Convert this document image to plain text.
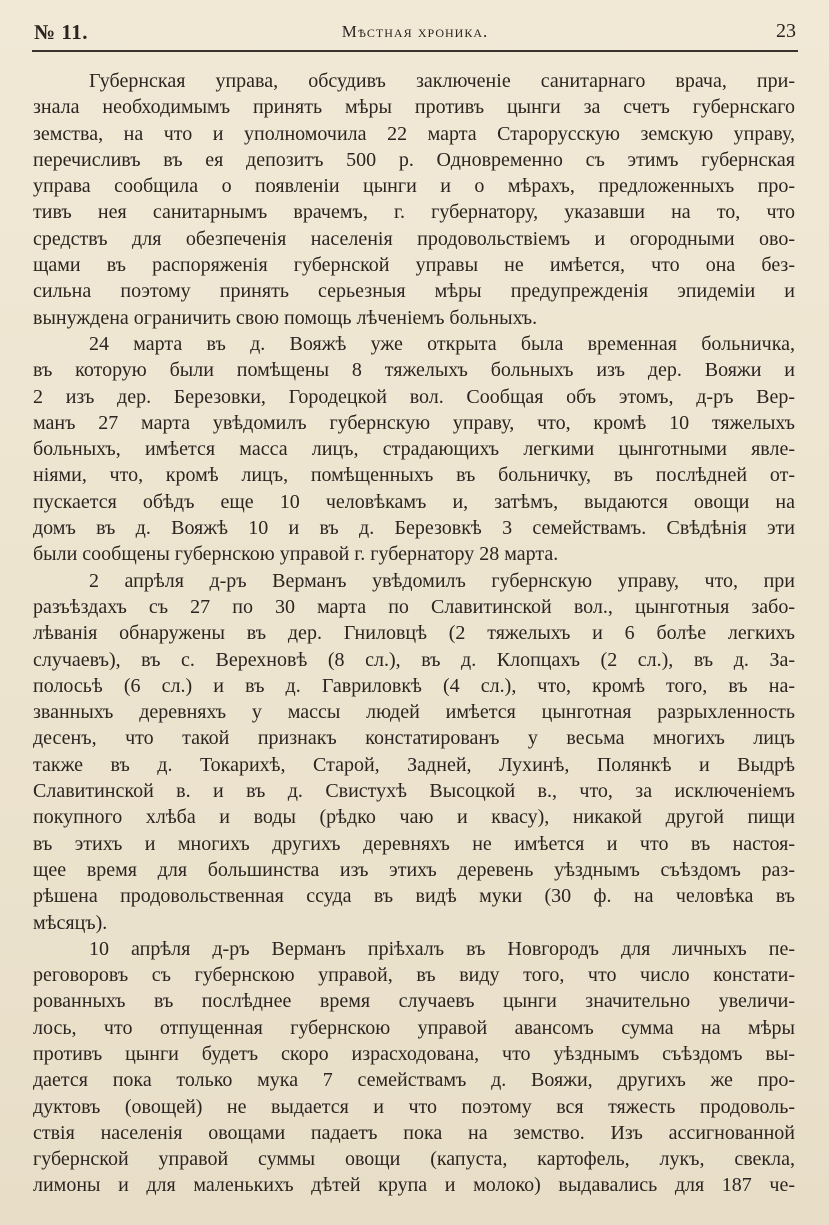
№ 11.	Мѣстная хроника.	23
Губернская управа, обсудивъ заключенiе санитарнаго врача, при-
знала необходимымъ принять мѣры противъ цынги за счетъ губернскаго
земства, на что и уполномочила 22 марта Старорусскую земскую управу,
перечисливъ въ ея депозитъ 500 р. Одновременно съ этимъ губернская
управа сообщила о появленiи цынги и о мѣрахъ, предложенныхъ про-
тивъ нея санитарнымъ врачемъ, г. губернатору, указавши на то, что
средствъ для обезпеченiя населенiя продовольствiемъ и огородными ово-
щами въ распоряженiя губернской управы не имѣется, что она без-
сильна поэтому принять серьезныя мѣры предупрежденiя эпидемiи и
вынуждена ограничить свою помощь лѣченiемъ больныхъ.
24 марта въ д. Вояжѣ уже открыта была временная больничка,
въ которую были помѣщены 8 тяжелыхъ больныхъ изъ дер. Вояжи и
2 изъ дер. Березовки, Городецкой вол. Сообщая объ этомъ, д-ръ Вер-
манъ 27 марта увѣдомилъ губернскую управу, что, кромѣ 10 тяжелыхъ
больныхъ, имѣется масса лицъ, страдающихъ легкими цынготными явле-
нiями, что, кромѣ лицъ, помѣщенныхъ въ больничку, въ послѣдней от-
пускается обѣдъ еще 10 человѣкамъ и, затѣмъ, выдаются овощи на
домъ въ д. Вояжѣ 10 и въ д. Березовкѣ 3 семействамъ. Свѣдѣнiя эти
были сообщены губернскою управой г. губернатору 28 марта.
2 апрѣля д-ръ Верманъ увѣдомилъ губернскую управу, что, при
разъѣздахъ съ 27 по 30 марта по Славитинской вол., цынготныя забо-
лѣванiя обнаружены въ дер. Гниловцѣ (2 тяжелыхъ и 6 болѣе легкихъ
случаевъ), въ с. Верехновѣ (8 сл.), въ д. Клопцахъ (2 сл.), въ д. За-
полосьѣ (6 сл.) и въ д. Гавриловкѣ (4 сл.), что, кромѣ того, въ на-
званныхъ деревняхъ у массы людей имѣется цынготная разрыхленность
десенъ, что такой признакъ констатированъ у весьма многихъ лицъ
также въ д. Токарихѣ, Старой, Задней, Лухинѣ, Полянкѣ и Выдрѣ
Славитинской в. и въ д. Свистухѣ Высоцкой в., что, за исключенiемъ
покупного хлѣба и воды (рѣдко чаю и квасу), никакой другой пищи
въ этихъ и многихъ другихъ деревняхъ не имѣется и что въ настоя-
щее время для большинства изъ этихъ деревень уѣзднымъ съѣздомъ раз-
рѣшена продовольственная ссуда въ видѣ муки (30 ф. на человѣка въ
мѣсяцъ).
10 апрѣля д-ръ Верманъ прiѣхалъ въ Новгородъ для личныхъ пе-
реговоровъ съ губернскою управой, въ виду того, что число констати-
рованныхъ въ послѣднее время случаевъ цынги значительно увеличи-
лось, что отпущенная губернскою управой авансомъ сумма на мѣры
противъ цынги будетъ скоро израсходована, что уѣзднымъ съѣздомъ вы-
дается пока только мука 7 семействамъ д. Вояжи, другихъ же про-
дуктовъ (овощей) не выдается и что поэтому вся тяжесть продоволь-
ствiя населенiя овощами падаетъ пока на земство. Изъ ассигнованной
губернской управой суммы овощи (капуста, картофель, лукъ, свекла,
лимоны и для маленькихъ дѣтей крупа и молоко) выдавались для 187 че-
